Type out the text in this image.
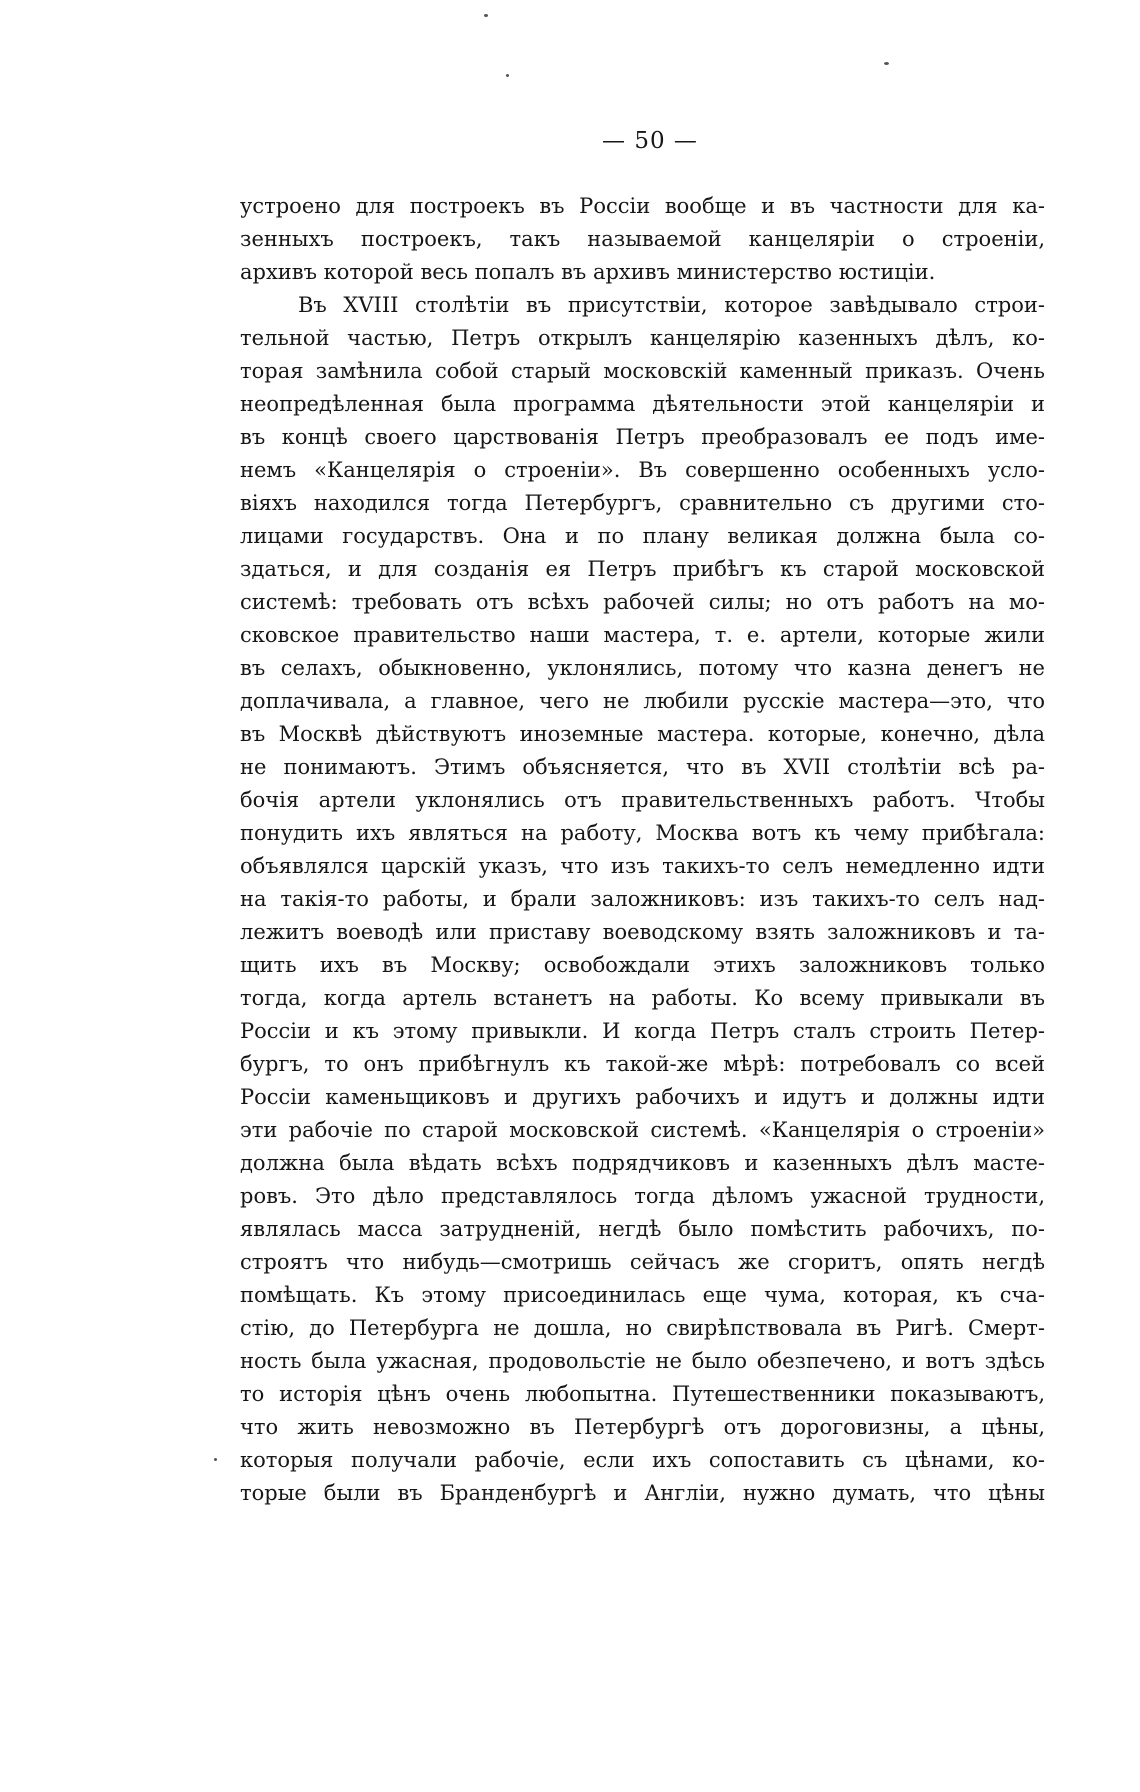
— 50 —
устроено для построекъ въ Россіи вообще и въ частности для ка-
зенныхъ построекъ, такъ называемой канцеляріи о строеніи,
архивъ которой весь попалъ въ архивъ министерство юстиціи.
Въ XVIII столѣтіи въ присутствіи, которое завѣдывало строи-
тельной частью, Петръ открылъ канцелярію казенныхъ дѣлъ, ко-
торая замѣнила собой старый московскій каменный приказъ. Очень
неопредѣленная была программа дѣятельности этой канцеляріи и
въ концѣ своего царствованія Петръ преобразовалъ ее подъ име-
немъ «Канцелярія о строеніи». Въ совершенно особенныхъ усло-
віяхъ находился тогда Петербургъ, сравнительно съ другими сто-
лицами государствъ. Она и по плану великая должна была со-
здаться, и для созданія ея Петръ прибѣгъ къ старой московской
системѣ: требовать отъ всѣхъ рабочей силы; но отъ работъ на мо-
сковское правительство наши мастера, т. е. артели, которые жили
въ селахъ, обыкновенно, уклонялись, потому что казна денегъ не
доплачивала, а главное, чего не любили русскіе мастера—это, что
въ Москвѣ дѣйствуютъ иноземные мастера. которые, конечно, дѣла
не понимаютъ. Этимъ объясняется, что въ XVII столѣтіи всѣ ра-
бочія артели уклонялись отъ правительственныхъ работъ. Чтобы
понудить ихъ являться на работу, Москва вотъ къ чему прибѣгала:
объявлялся царскій указъ, что изъ такихъ-то селъ немедленно идти
на такія-то работы, и брали заложниковъ: изъ такихъ-то селъ над-
лежитъ воеводѣ или приставу воеводскому взять заложниковъ и та-
щить ихъ въ Москву; освобождали этихъ заложниковъ только
тогда, когда артель встанетъ на работы. Ко всему привыкали въ
Россіи и къ этому привыкли. И когда Петръ сталъ строить Петер-
бургъ, то онъ прибѣгнулъ къ такой-же мѣрѣ: потребовалъ со всей
Россіи каменьщиковъ и другихъ рабочихъ и идутъ и должны идти
эти рабочіе по старой московской системѣ. «Канцелярія о строеніи»
должна была вѣдать всѣхъ подрядчиковъ и казенныхъ дѣлъ масте-
ровъ. Это дѣло представлялось тогда дѣломъ ужасной трудности,
являлась масса затрудненій, негдѣ было помѣстить рабочихъ, по-
строятъ что нибудь—смотришь сейчасъ же сгоритъ, опять негдѣ
помѣщать. Къ этому присоединилась еще чума, которая, къ сча-
стію, до Петербурга не дошла, но свирѣпствовала въ Ригѣ. Смерт-
ность была ужасная, продовольстіе не было обезпечено, и вотъ здѣсь
то исторія цѣнъ очень любопытна. Путешественники показываютъ,
что жить невозможно въ Петербургѣ отъ дороговизны, а цѣны,
которыя получали рабочіе, если ихъ сопоставить съ цѣнами, ко-
торые были въ Бранденбургѣ и Англіи, нужно думать, что цѣны
